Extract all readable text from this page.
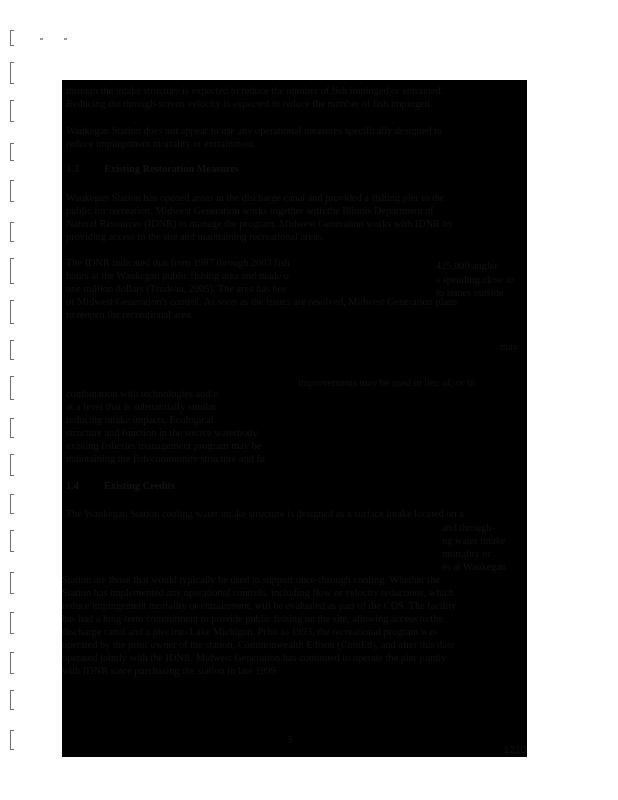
through the intake structure is expected to reduce the number of fish impinged or entrained.
Reducing the through-screen velocity is expected to reduce the number of fish impinged.
Waukegan Station does not appear to use any operational measures specifically designed to
reduce impingement mortality or entrainment.
1.3 Existing Restoration Measures
Waukegan Station has opened areas in the discharge canal and provided a fishing pier to the
public for recreation. Midwest Generation works together with the Illinois Department of
Natural Resources (IDNR) to manage the program. Midwest Generation works with IDNR by
providing access to the site and maintaining recreational areas.
The IDNR indicated that from 1987 through 2003 fish	425,000 angler
hours at the Waukegan public fishing area and made o	s spending close to
one million dollars (Trudeau, 2005). The area has bee	to issues outside
of Midwest Generation's control. As soon as the issues are resolved, Midwest Generation plans
to reopen the recreational area.
may
improvements may be used in lieu of, or in
combination with technologies and/o
at a level that is substantially similar
reducing intake impacts. Ecological
structure and function in the source waterbody.
existing fisheries management program may be
maintaining the fish community structure and fu
1.4 Existing Credits
The Waukegan Station cooling water intake structure is designed as a surface intake located on a
and through-
ng water intake
mortality or
es at Waukegan
Station are those that would typically be used to support once-through cooling. Whether the
Station has implemented any operational controls, including flow or velocity reductions, which
reduce impingement mortality or entrainment, will be evaluated as part of the CDS. The facility
has had a long-term commitment to provide public fishing on the site, allowing access to the
discharge canal and a pier into Lake Michigan. Prior to 1993, the recreational program was
operated by the prior owner of the station, Commonwealth Edison (ComEd), and after this date
operated jointly with the IDNR. Midwest Generation has continued to operate the pier jointly
with IDNR since purchasing the station in late 1999.
3
1210
